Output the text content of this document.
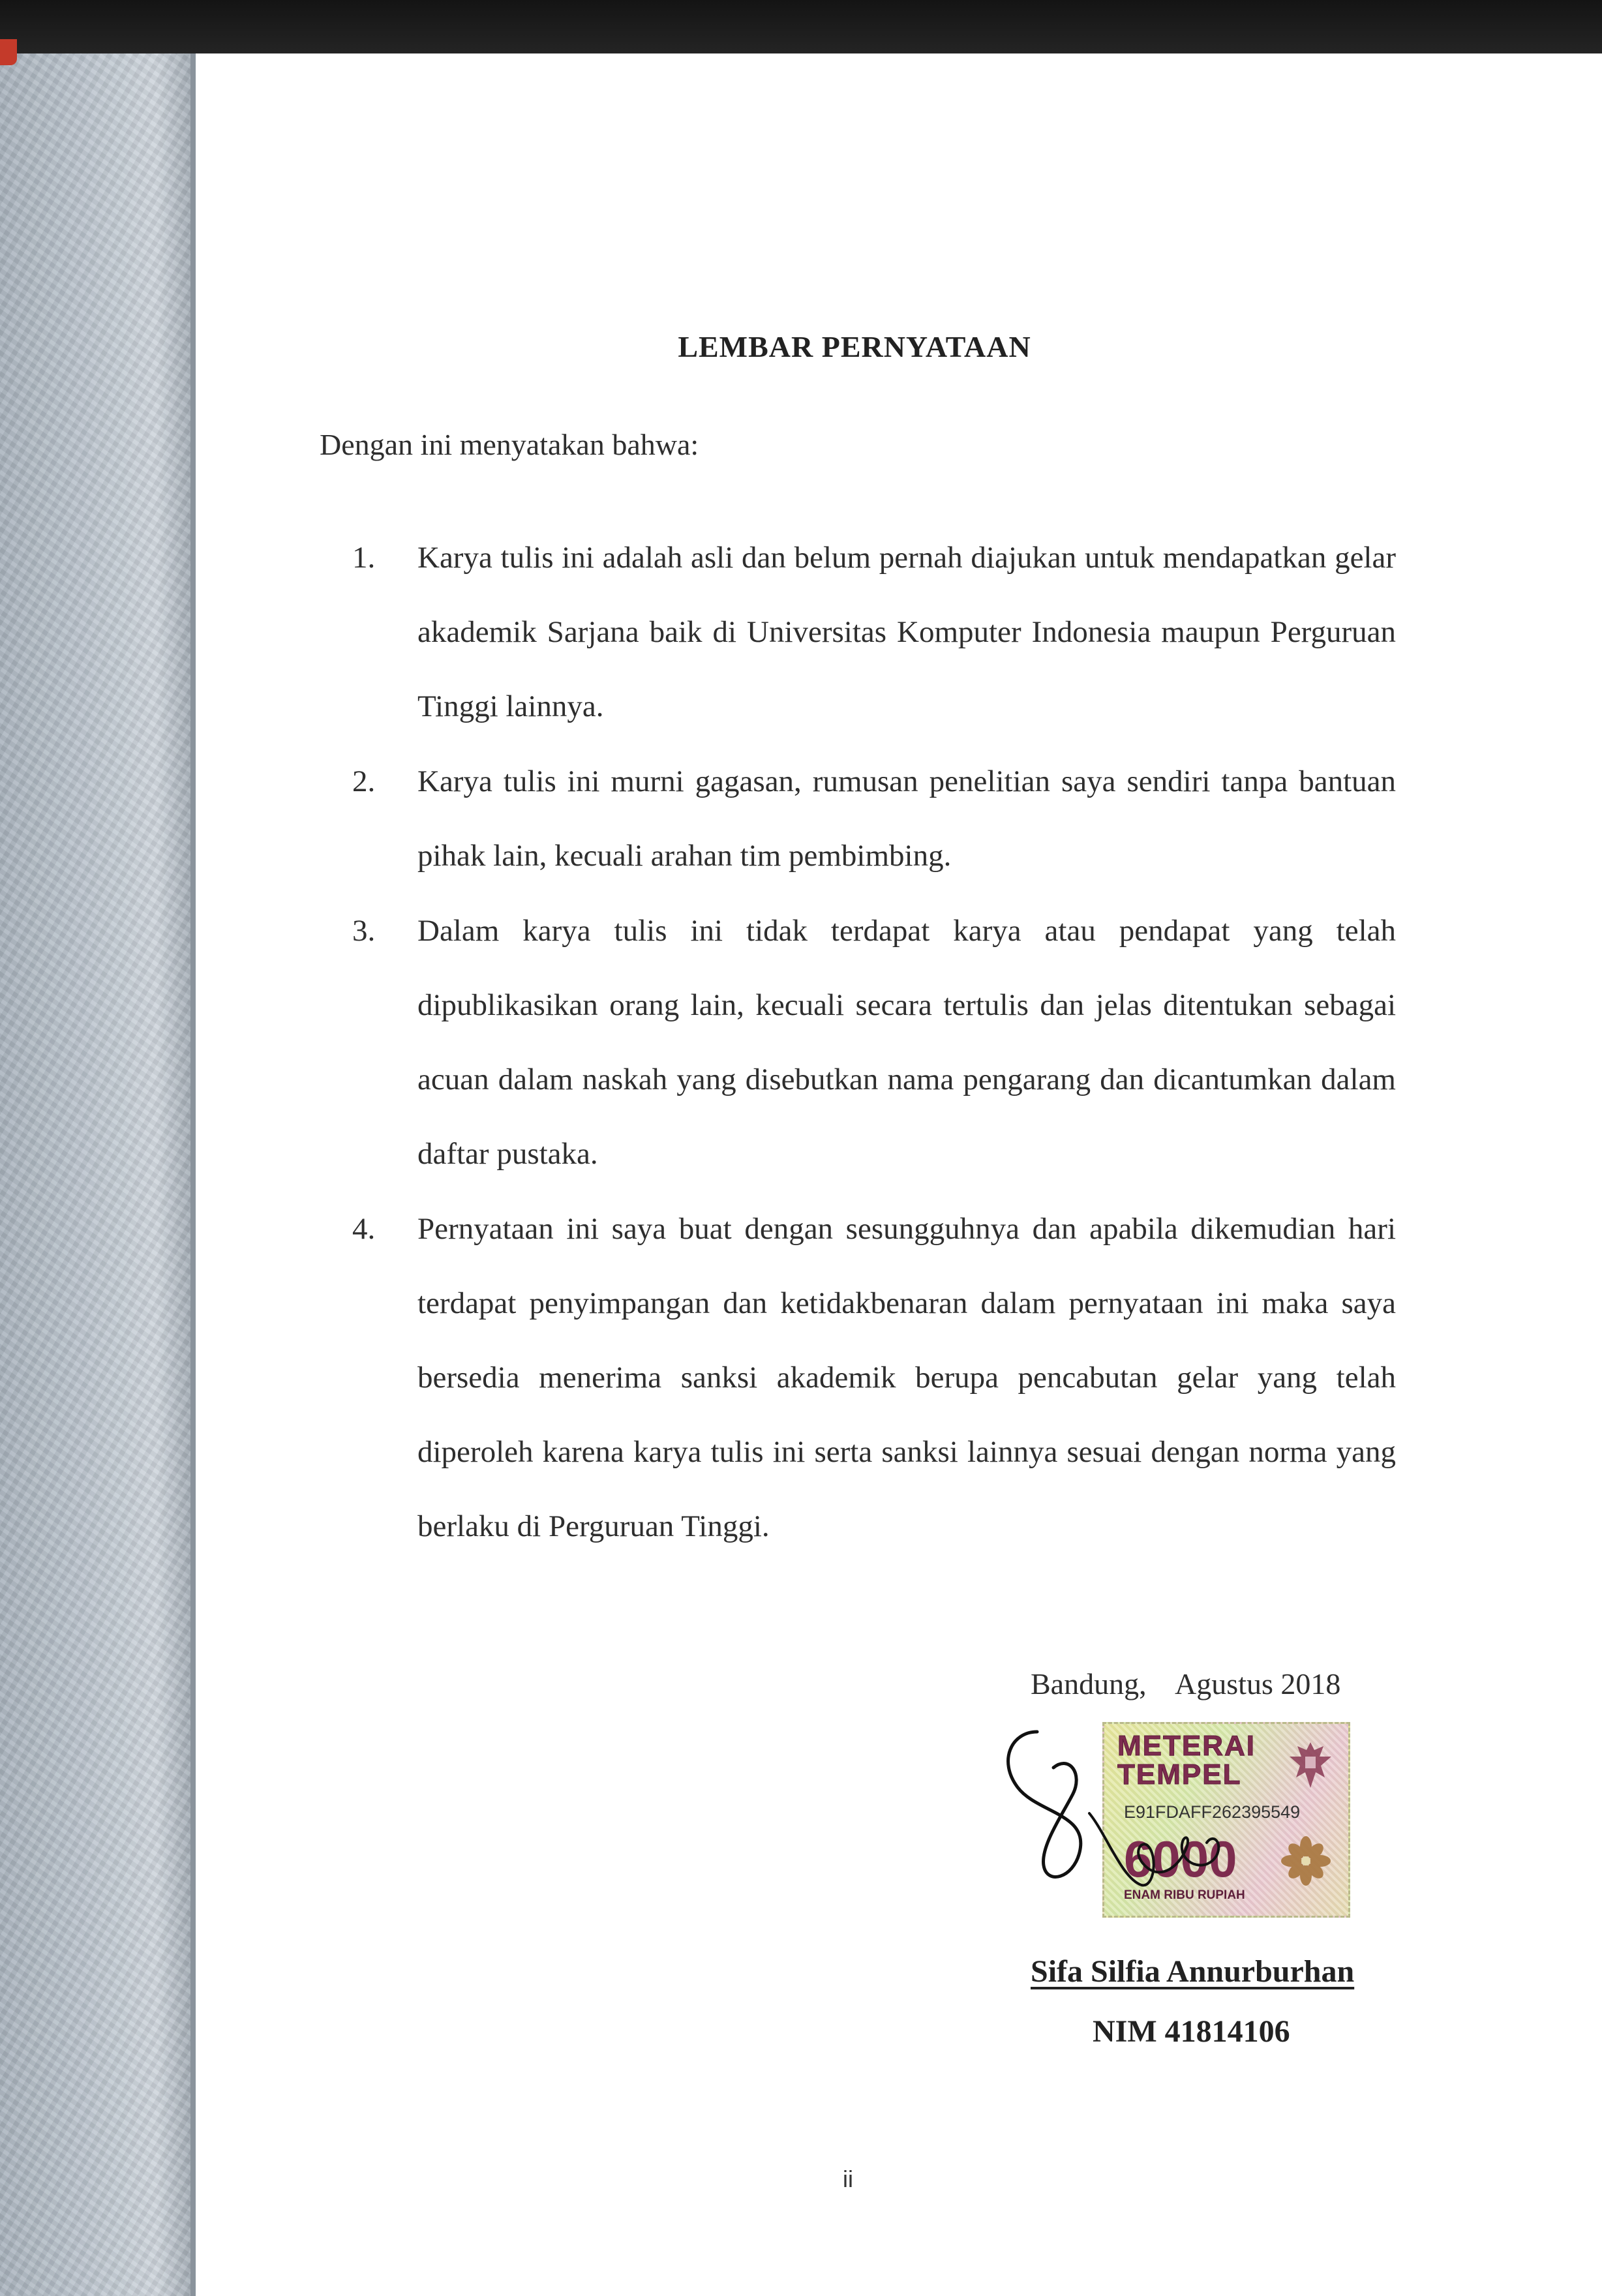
LEMBAR PERNYATAAN
Dengan ini menyatakan bahwa:
1.	Karya tulis ini adalah asli dan belum pernah diajukan untuk mendapatkan gelar akademik Sarjana baik di Universitas Komputer Indonesia maupun Perguruan Tinggi lainnya.
2.	Karya tulis ini murni gagasan, rumusan penelitian saya sendiri tanpa bantuan pihak lain, kecuali arahan tim pembimbing.
3.	Dalam karya tulis ini tidak terdapat karya atau pendapat yang telah dipublikasikan orang lain, kecuali secara tertulis dan jelas ditentukan sebagai acuan dalam naskah yang disebutkan nama pengarang dan dicantumkan dalam daftar pustaka.
4.	Pernyataan ini saya buat dengan sesungguhnya dan apabila dikemudian hari terdapat penyimpangan dan ketidakbenaran dalam pernyataan ini maka saya bersedia menerima sanksi akademik berupa pencabutan gelar yang telah diperoleh karena karya tulis ini serta sanksi lainnya sesuai dengan norma yang berlaku di Perguruan Tinggi.
Bandung,    Agustus 2018
METERAI
TEMPEL
E91FDAFF262395549
6000
ENAM RIBU RUPIAH
Sifa Silfia Annurburhan
NIM 41814106
ii
